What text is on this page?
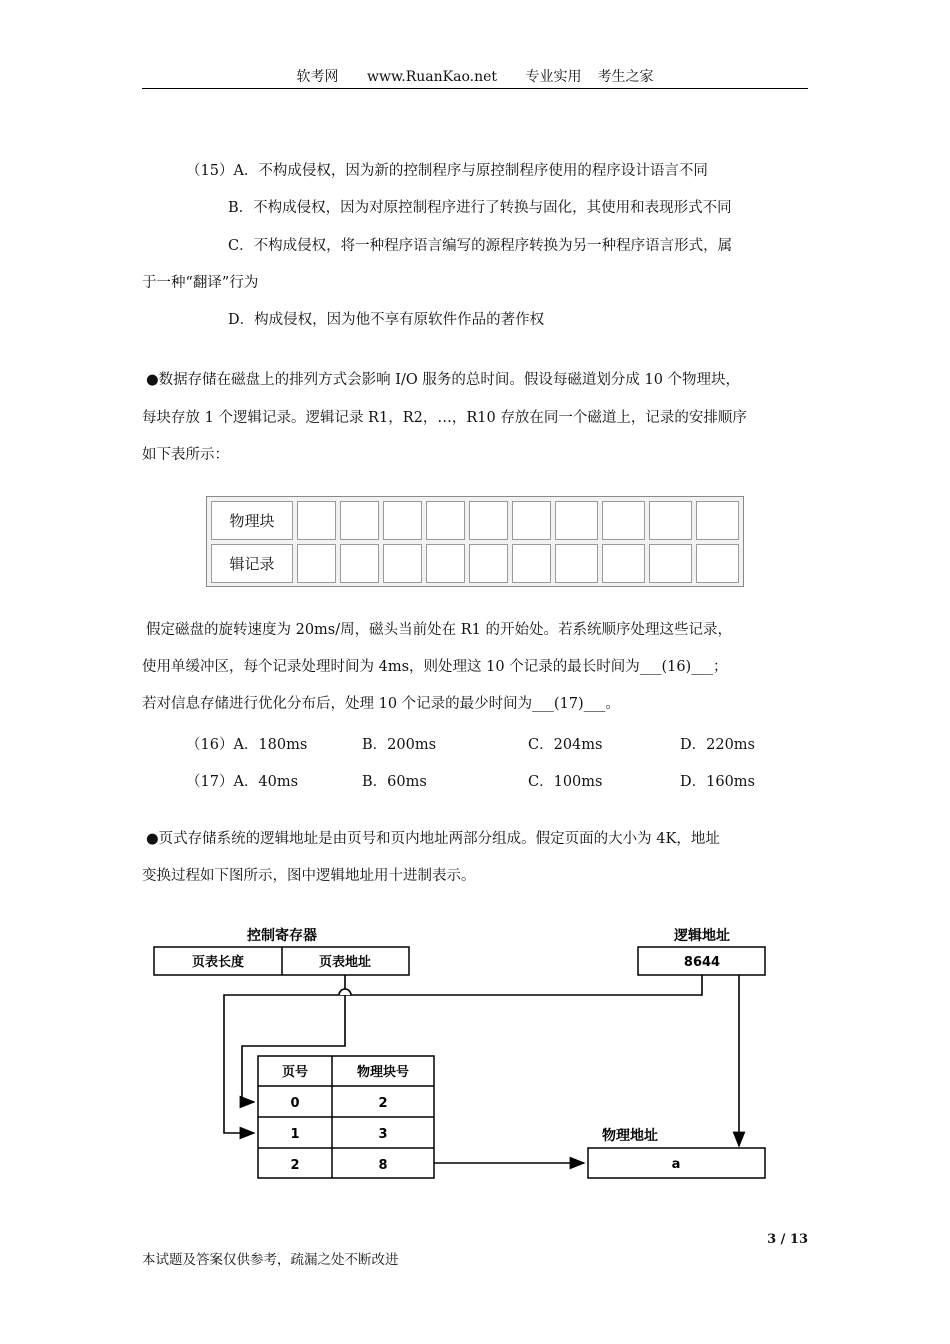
软考网 www.RuanKao.net 专业实用 考生之家
（15）A．不构成侵权，因为新的控制程序与原控制程序使用的程序设计语言不同
B．不构成侵权，因为对原控制程序进行了转换与固化，其使用和表现形式不同
C．不构成侵权，将一种程序语言编写的源程序转换为另一种程序语言形式，属
于一种“翻译”行为
D．构成侵权，因为他不享有原软件作品的著作权
●数据存储在磁盘上的排列方式会影响 I/O 服务的总时间。假设每磁道划分成 10 个物理块，
每块存放 1 个逻辑记录。逻辑记录 R1，R2，…，R10 存放在同一个磁道上，记录的安排顺序
如下表所示：
物理块
辑记录
假定磁盘的旋转速度为 20ms/周，磁头当前处在 R1 的开始处。若系统顺序处理这些记录，
使用单缓冲区，每个记录处理时间为 4ms，则处理这 10 个记录的最长时间为___(16)___；
若对信息存储进行优化分布后，处理 10 个记录的最少时间为___(17)___。
（16）A．180ms	B．200ms	C．204ms	D．220ms
（17）A．40ms	B．60ms	C．100ms	D．160ms
●页式存储系统的逻辑地址是由页号和页内地址两部分组成。假定页面的大小为 4K，地址
变换过程如下图所示，图中逻辑地址用十进制表示。
控制寄存器
页表长度	页表地址
逻辑地址
8644
页号	物理块号
0	2
1	3
2	8
物理地址
a
3 / 13
本试题及答案仅供参考，疏漏之处不断改进
